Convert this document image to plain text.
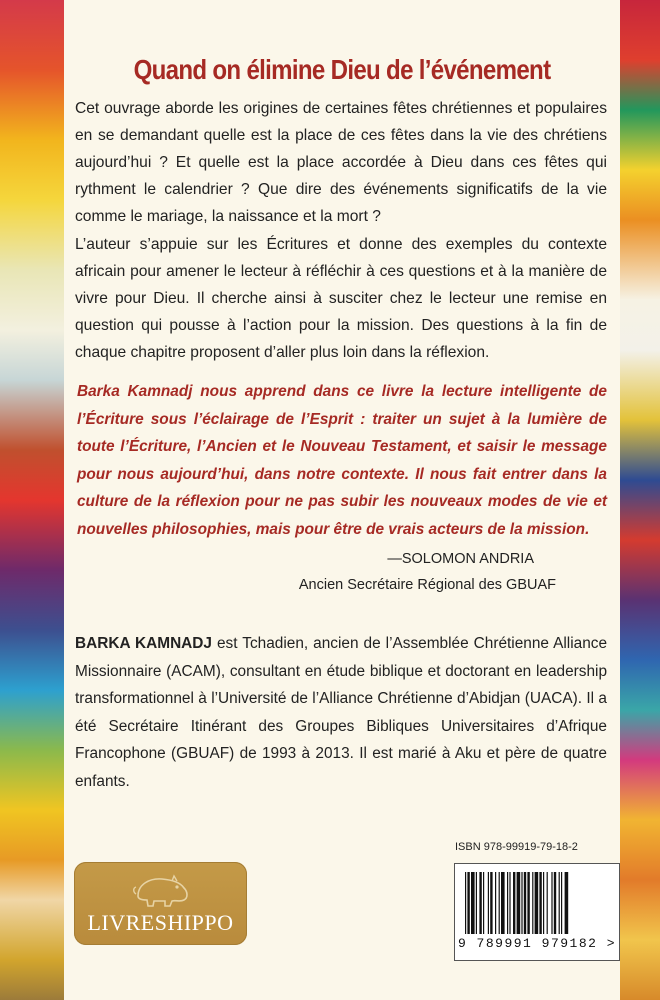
Quand on élimine Dieu de l’événement

Cet ouvrage aborde les origines de certaines fêtes chrétiennes et populaires en se demandant quelle est la place de ces fêtes dans la vie des chrétiens aujourd’hui ? Et quelle est la place accordée à Dieu dans ces fêtes qui rythment le calendrier ? Que dire des événements significatifs de la vie comme le mariage, la naissance et la mort ?

L’auteur s’appuie sur les Écritures et donne des exemples du contexte africain pour amener le lecteur à réfléchir à ces questions et à la manière de vivre pour Dieu. Il cherche ainsi à susciter chez le lecteur une remise en question qui pousse à l’action pour la mission. Des questions à la fin de chaque chapitre proposent d’aller plus loin dans la réflexion.

Barka Kamnadj nous apprend dans ce livre la lecture intelligente de l’Écriture sous l’éclairage de l’Esprit : traiter un sujet à la lumière de toute l’Écriture, l’Ancien et le Nouveau Testament, et saisir le message pour nous aujourd’hui, dans notre contexte. Il nous fait entrer dans la culture de la réflexion pour ne pas subir les nouveaux modes de vie et nouvelles philosophies, mais pour être de vrais acteurs de la mission.

—SOLOMON ANDRIA
Ancien Secrétaire Régional des GBUAF

BARKA KAMNADJ est Tchadien, ancien de l’Assemblée Chrétienne Alliance Missionnaire (ACAM), consultant en étude biblique et doctorant en leadership transformationnel à l’Université de l’Alliance Chrétienne d’Abidjan (UACA). Il a été Secrétaire Itinérant des Groupes Bibliques Universitaires d’Afrique Francophone (GBUAF) de 1993 à 2013. Il est marié à Aku et père de quatre enfants.

LIVRESHIPPO
ISBN 978-99919-79-18-2
9 789991 979182 >
